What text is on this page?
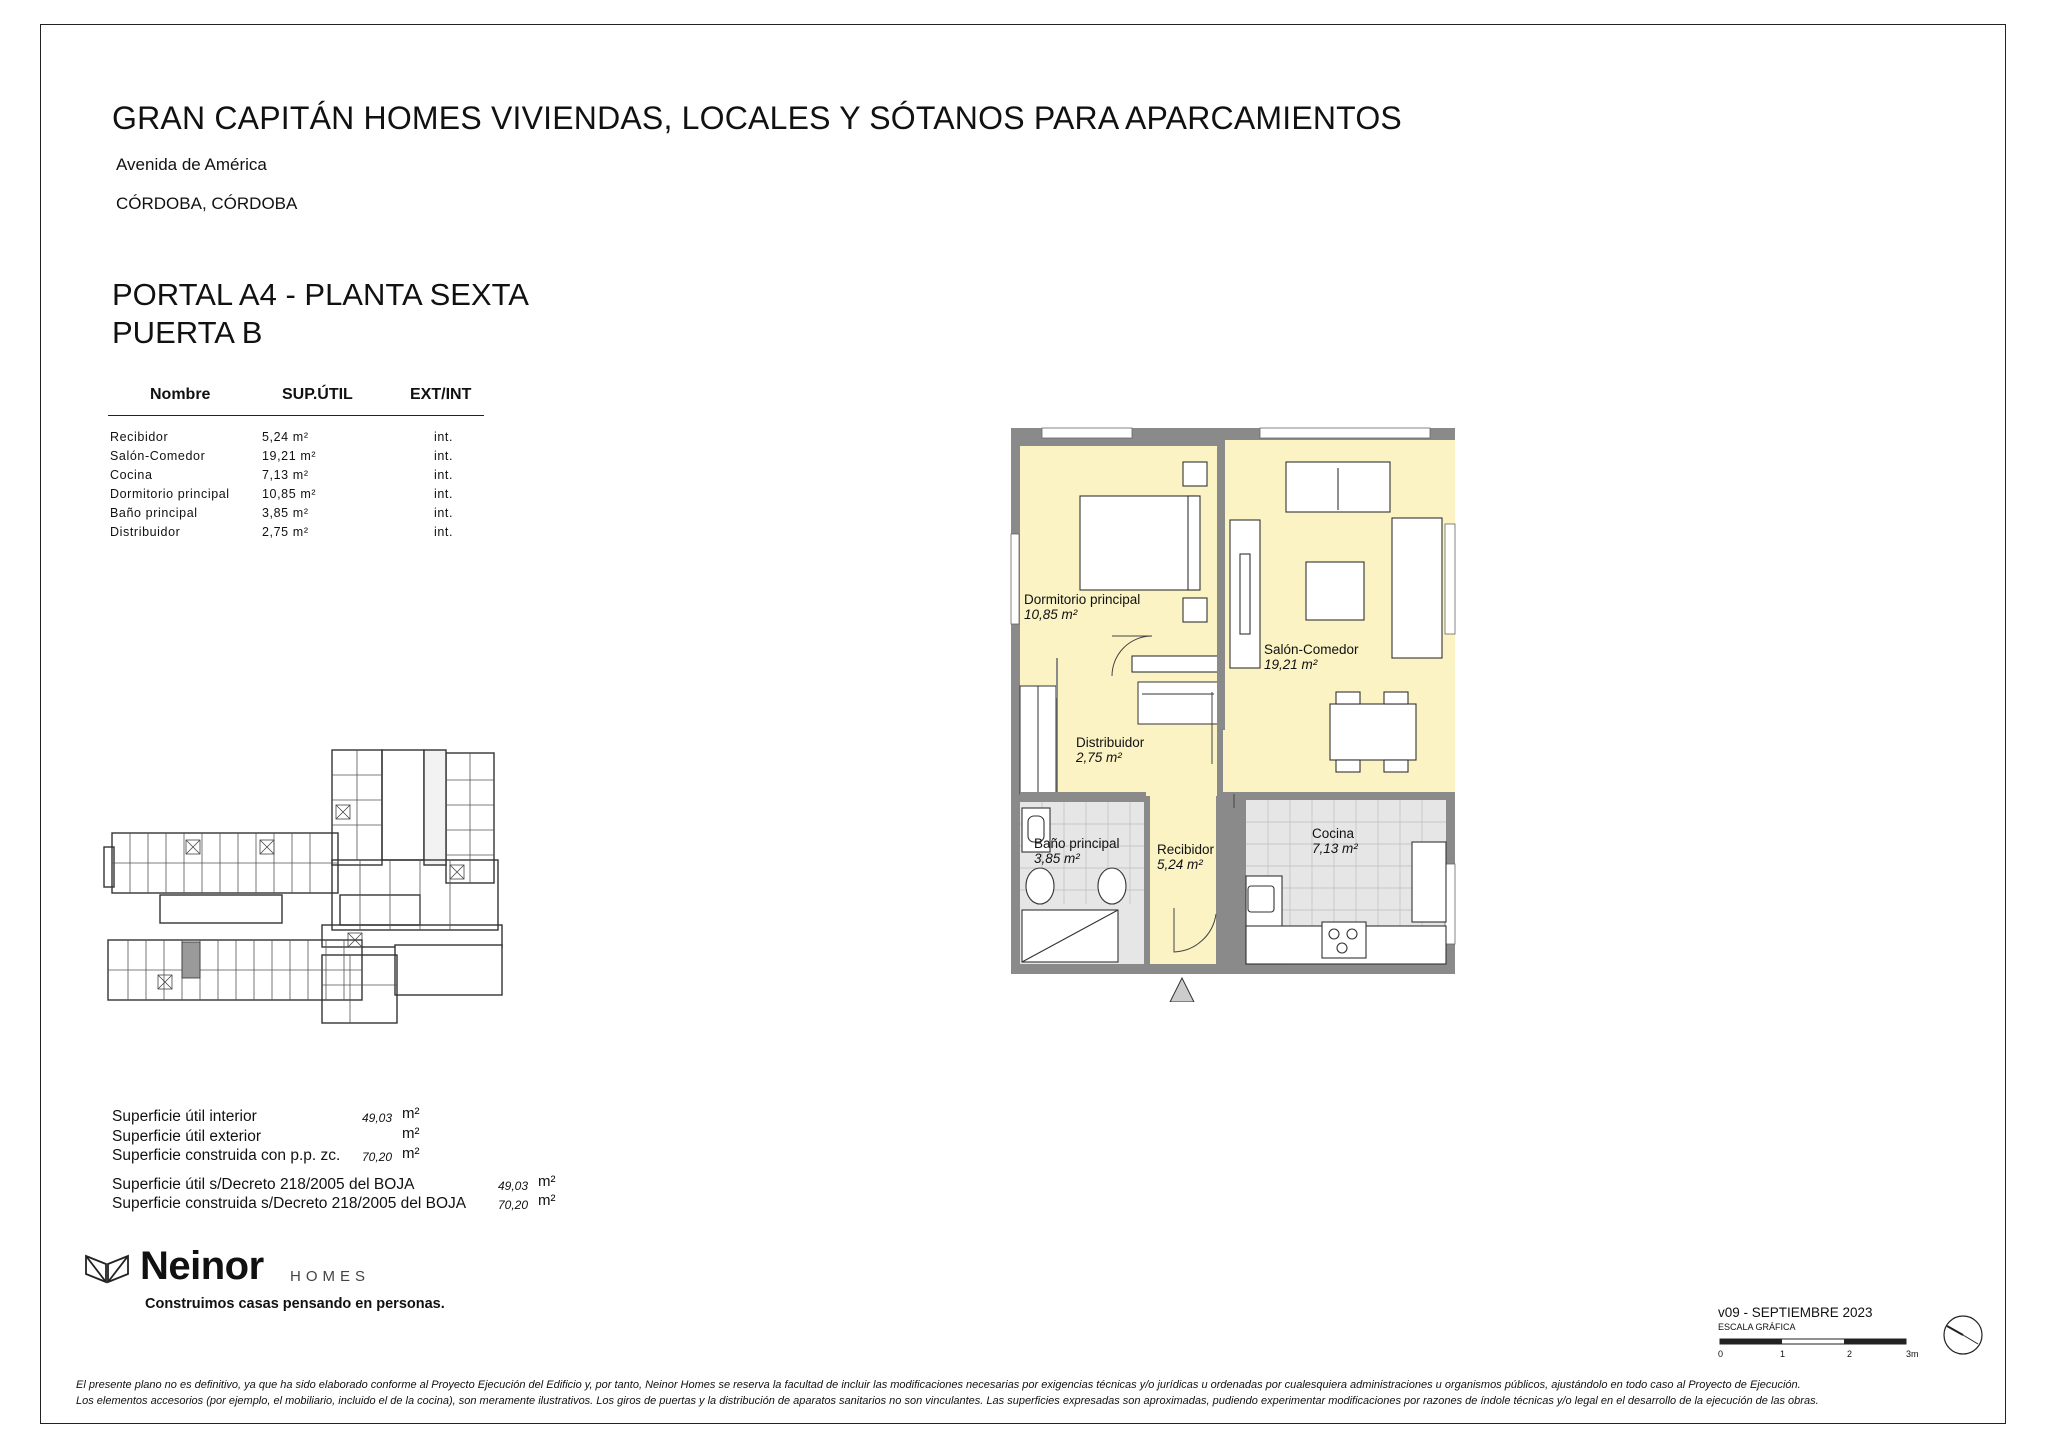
GRAN CAPITÁN HOMES VIVIENDAS, LOCALES Y SÓTANOS PARA APARCAMIENTOS
Avenida de América
CÓRDOBA, CÓRDOBA
PORTAL A4 - PLANTA SEXTA
PUERTA B
Nombre	SUP.ÚTIL	EXT/INT
Recibidor	5,24 m²	int.
Salón-Comedor	19,21 m²	int.
Cocina	7,13 m²	int.
Dormitorio principal	10,85 m²	int.
Baño principal	3,85 m²	int.
Distribuidor	2,75 m²	int.
Dormitorio principal
10,85 m²
Salón-Comedor
19,21 m²
Distribuidor
2,75 m²
Baño principal
3,85 m²
Recibidor
5,24 m²
Cocina
7,13 m²
Superficie útil interior	49,03 m²
Superficie útil exterior	m²
Superficie construida con p.p. zc.	70,20 m²
Superficie útil s/Decreto 218/2005 del BOJA	49,03 m²
Superficie construida s/Decreto 218/2005 del BOJA	70,20 m²
Neinor HOMES
Construimos casas pensando en personas.
v09 - SEPTIEMBRE 2023
ESCALA GRÁFICA
0	1	2	3m
El presente plano no es definitivo, ya que ha sido elaborado conforme al Proyecto Ejecución del Edificio y, por tanto, Neinor Homes se reserva la facultad de incluir las modificaciones necesarias por exigencias técnicas y/o jurídicas u ordenadas por cualesquiera administraciones u organismos públicos, ajustándolo en todo caso al Proyecto de Ejecución.
Los elementos accesorios (por ejemplo, el mobiliario, incluido el de la cocina), son meramente ilustrativos. Los giros de puertas y la distribución de aparatos sanitarios no son vinculantes. Las superficies expresadas son aproximadas, pudiendo experimentar modificaciones por razones de índole técnicas y/o legal en el desarrollo de la ejecución de las obras.
